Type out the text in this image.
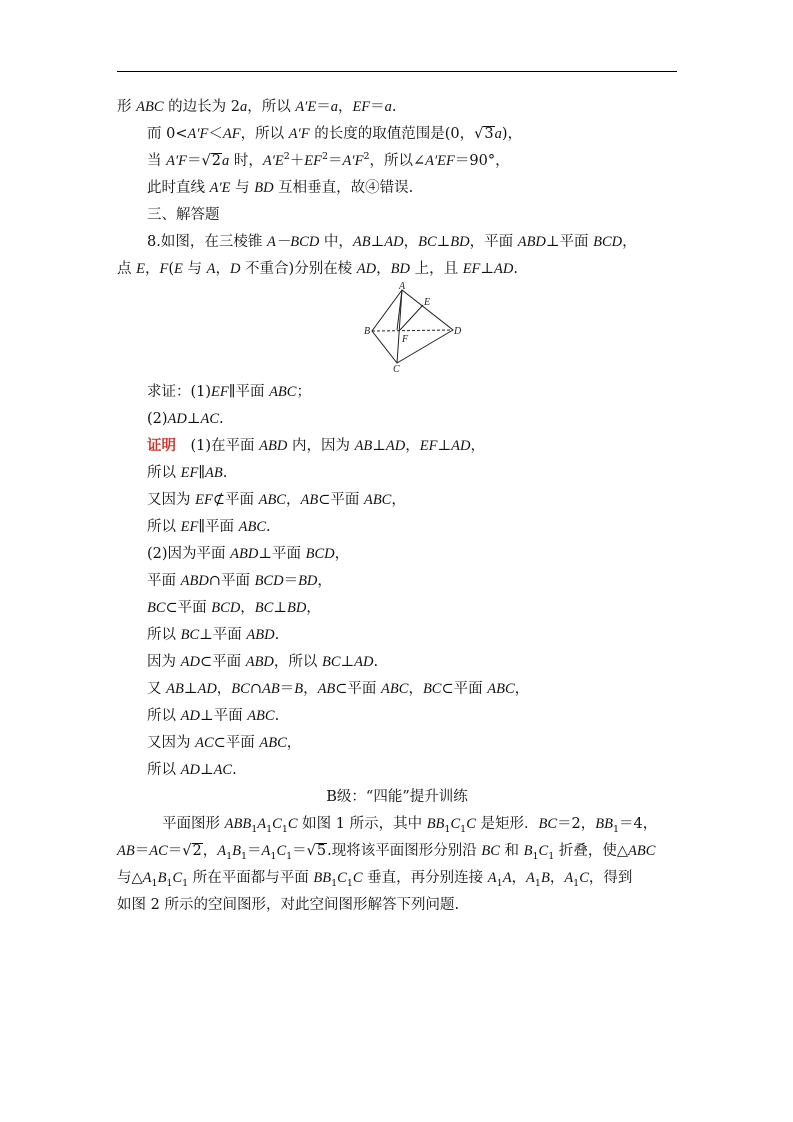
形 ABC 的边长为 2a，所以 A′E＝a，EF＝a.
而 0<A′F＜AF，所以 A′F 的长度的取值范围是(0，√3a)，
当 A′F＝√2a 时，$A'E^2+EF^2=A'F^2$，所以∠A′EF＝90°，
此时直线 A′E 与 BD 互相垂直，故④错误.
三、解答题
8.如图，在三棱锥 A－BCD 中，AB⊥AD，BC⊥BD，平面 ABD⊥平面 BCD，
点 E，F(E 与 A，D 不重合)分别在棱 AD，BD 上，且 EF⊥AD.
A
E
B	D
F
C
求证：(1)EF∥平面 ABC；
(2)AD⊥AC.
证明　(1)在平面 ABD 内，因为 AB⊥AD，EF⊥AD，
所以 EF∥AB.
又因为 EF⊄平面 ABC，AB⊂平面 ABC，
所以 EF∥平面 ABC.
(2)因为平面 ABD⊥平面 BCD，
平面 ABD∩平面 BCD＝BD，
BC⊂平面 BCD，BC⊥BD，
所以 BC⊥平面 ABD.
因为 AD⊂平面 ABD，所以 BC⊥AD.
又 AB⊥AD，BC∩AB＝B，AB⊂平面 ABC，BC⊂平面 ABC，
所以 AD⊥平面 ABC.
又因为 AC⊂平面 ABC，
所以 AD⊥AC.
B级：“四能”提升训练
平面图形 $ABB_1A_1C_1C$ 如图 1 所示，其中 $BB_1C_1C$ 是矩形．BC＝2，$BB_1=4$，
AB＝AC＝√2，$A_1B_1=A_1C_1=√5$.现将该平面图形分别沿 BC 和 $B_1C_1$ 折叠，使△ABC
与$\triangle A_1B_1C_1$ 所在平面都与平面 $BB_1C_1C$ 垂直，再分别连接 $A_1A$，$A_1B$，$A_1C$，得到
如图 2 所示的空间图形，对此空间图形解答下列问题.
